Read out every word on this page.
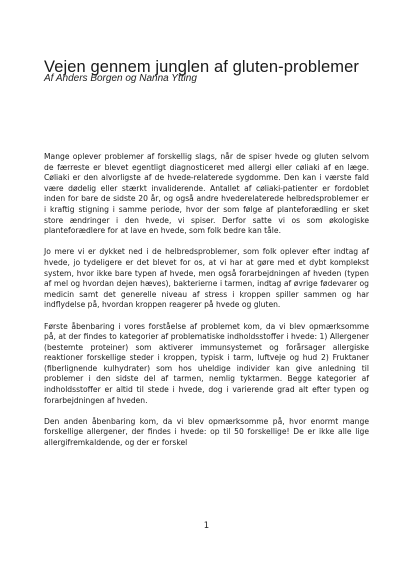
Vejen gennem junglen af gluten-problemer
Af Anders Borgen og Nanna Ytting

Mange oplever problemer af forskellig slags, når de spiser hvede og gluten selvom de færreste er blevet egentligt diagnosticeret med allergi eller cøliaki af en læge. Cøliaki er den alvorligste af de hvede-relaterede sygdomme. Den kan i værste fald være dødelig eller stærkt invaliderende. Antallet af cøliaki-patienter er fordoblet inden for bare de sidste 20 år, og også andre hvederelaterede helbredsproblemer er i kraftig stigning i samme periode, hvor der som følge af planteforædling er sket store ændringer i den hvede, vi spiser. Derfor satte vi os som økologiske planteforædlere for at lave en hvede, som folk bedre kan tåle.

Jo mere vi er dykket ned i de helbredsproblemer, som folk oplever efter indtag af hvede, jo tydeligere er det blevet for os, at vi har at gøre med et dybt komplekst system, hvor ikke bare typen af hvede, men også forarbejdningen af hveden (typen af mel og hvordan dejen hæves), bakterierne i tarmen, indtag af øvrige fødevarer og medicin samt det generelle niveau af stress i kroppen spiller sammen og har indflydelse på, hvordan kroppen reagerer på hvede og gluten.

Første åbenbaring i vores forståelse af problemet kom, da vi blev opmærksomme på, at der findes to kategorier af problematiske indholdsstoffer i hvede: 1) Allergener (bestemte proteiner) som aktiverer immunsystemet og forårsager allergiske reaktioner forskellige steder i kroppen, typisk i tarm, luftveje og hud 2) Fruktaner (fiberlignende kulhydrater) som hos uheldige individer kan give anledning til problemer i den sidste del af tarmen, nemlig tyktarmen. Begge kategorier af indholdsstoffer er altid til stede i hvede, dog i varierende grad alt efter typen og forarbejdningen af hveden.

Den anden åbenbaring kom, da vi blev opmærksomme på, hvor enormt mange forskellige allergener, der findes i hvede: op til 50 forskellige! De er ikke alle lige allergifremkaldende, og der er forskel

1
